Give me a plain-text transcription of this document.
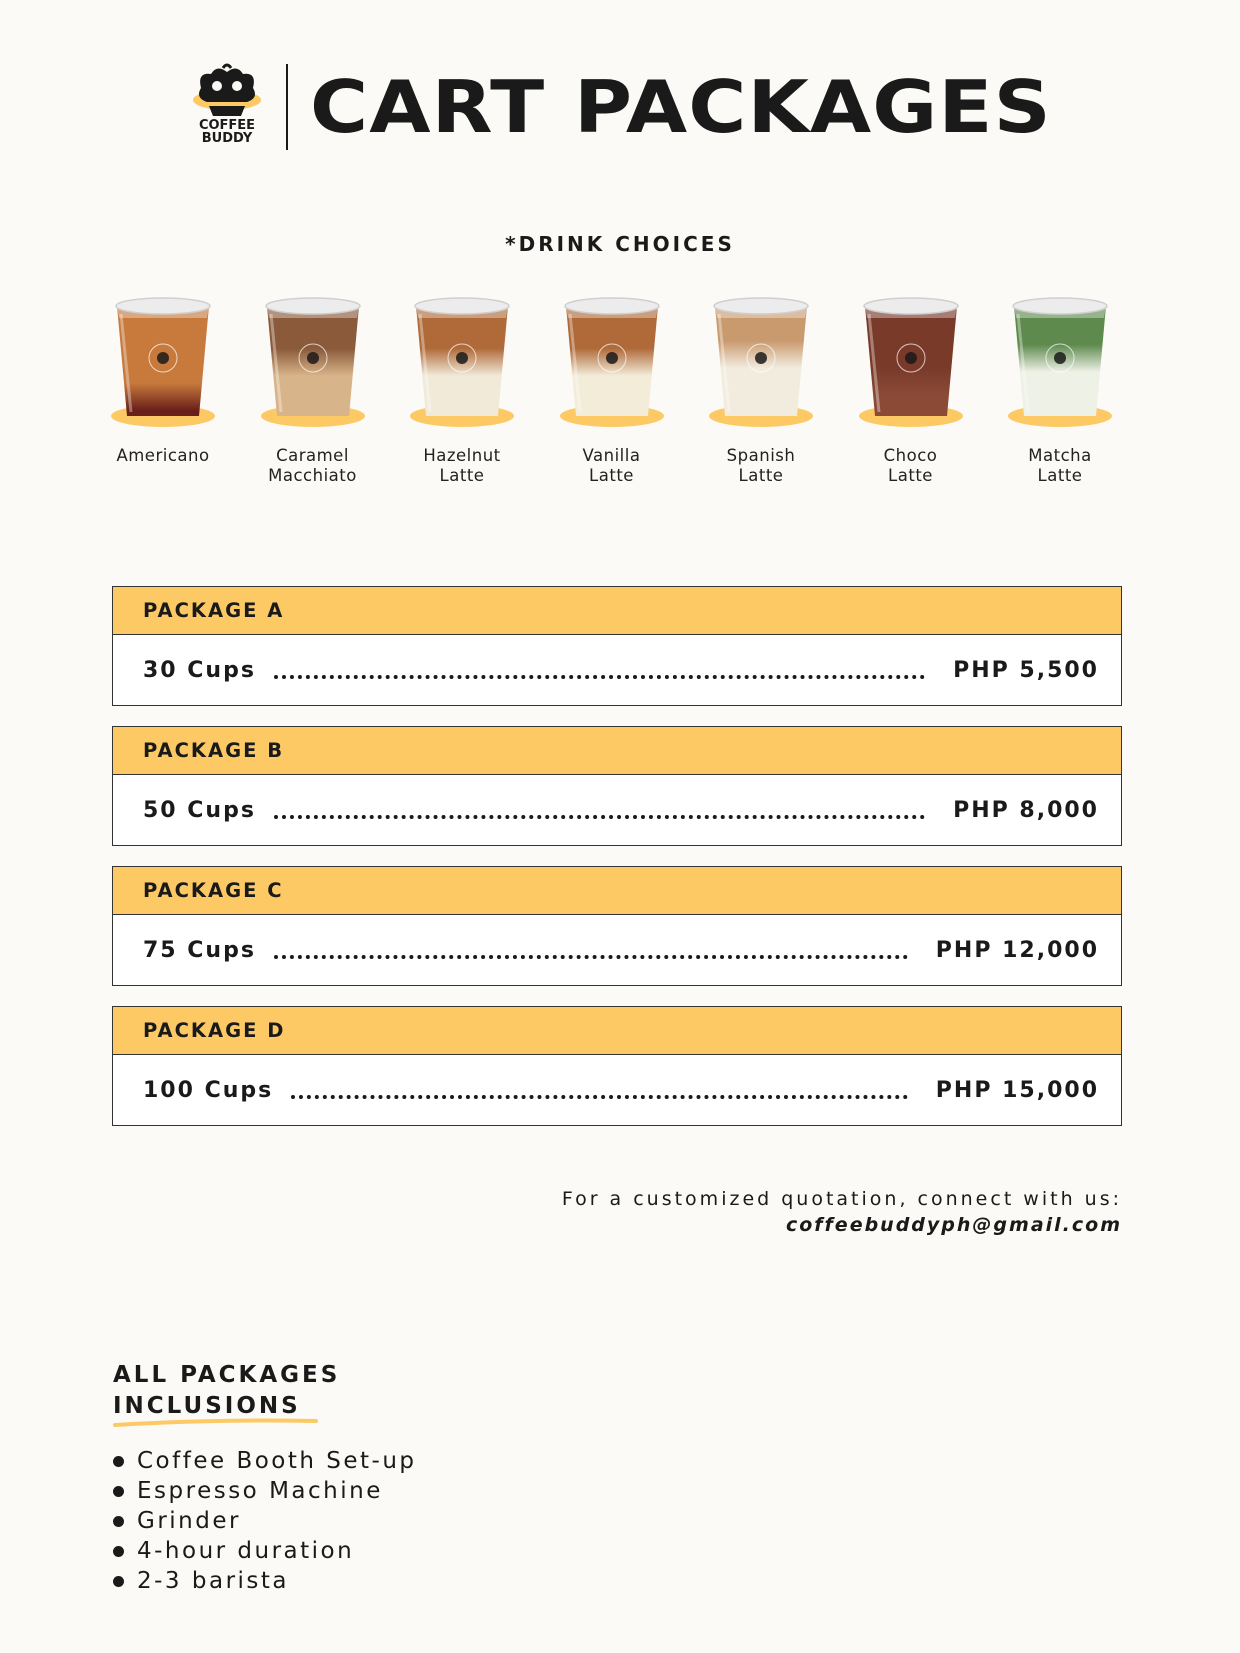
COFFEE
BUDDY CART PACKAGES
*DRINK CHOICES
Americano	Caramel
Macchiato
Hazelnut
Latte
Vanilla
Latte
Spanish
Latte
Choco
Latte
Matcha
Latte
PACKAGE A
30 Cups	PHP 5,500
PACKAGE B
50 Cups	PHP 8,000
PACKAGE C
75 Cups	PHP 12,000
PACKAGE D
100 Cups	PHP 15,000
For a customized quotation, connect with us:
coffeebuddyph@gmail.com
ALL PACKAGES
INCLUSIONS
Coffee Booth Set-up
Espresso Machine
Grinder
4-hour duration
2-3 barista
